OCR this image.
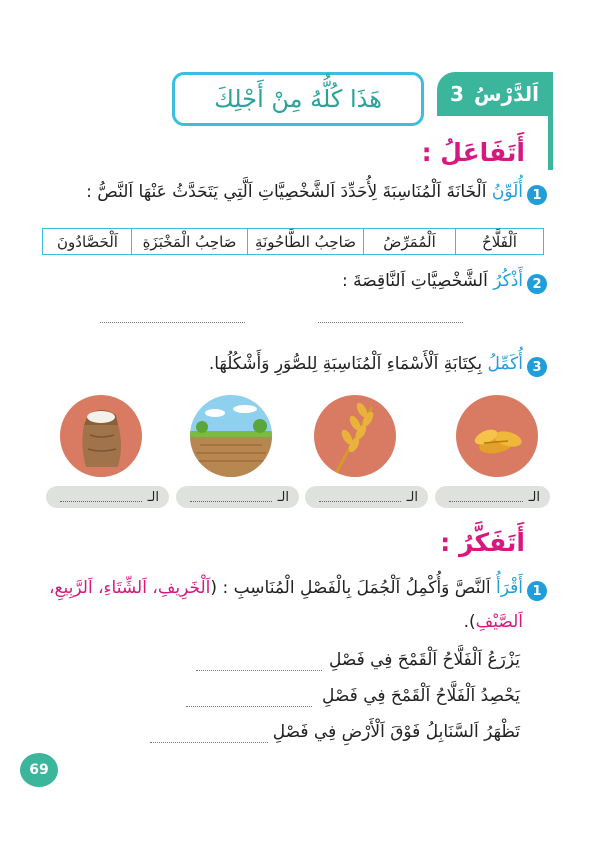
هَذَا كُلُّهُ مِنْ أَجْلِكَ	اَلدَّرْسُ
3
أَتَفَاعَلُ :
1
أُلَوِّنُ اَلْخَانَةَ اَلْمُنَاسِبَةَ لِأُحَدِّدَ اَلشَّخْصِيَّاتِ اَلَّتِي يَتَحَدَّثُ عَنْهَا اَلنَّصُّ :
اَلْفَلَّاحُ
اَلْمُمَرِّضُ
صَاحِبُ الطَّاحُونَةِ
صَاحِبُ الْمَخْبَزَةِ
اَلْحَصَّادُونَ
2
أَذْكُرُ اَلشَّخْصِيَّاتِ اَلنَّاقِصَةَ :
3
أُكَمِّلُ بِكِتَابَةِ اَلْأَسْمَاءِ اَلْمُنَاسِبَةِ لِلصُّوَرِ وَأَشْكُلُهَا.
الـ
الـ
الـ
الـ
أَتَفَكَّرُ :
1
أَقْرَأُ اَلنَّصَّ وَأُكْمِلُ اَلْجُمَلَ بِالْفَصْلِ الْمُنَاسِبِ : (اَلْخَرِيفِ، اَلشِّتَاءِ، اَلرَّبِيعِ،
اَلصَّيْفِ).
يَزْرَعُ اَلْفَلَّاحُ اَلْقَمْحَ فِي فَصْلِ
يَحْصِدُ اَلْفَلَّاحُ اَلْقَمْحَ فِي فَصْلِ
تَظْهَرُ اَلسَّنَابِلُ فَوْقَ اَلْأَرْضِ فِي فَصْلِ
69
